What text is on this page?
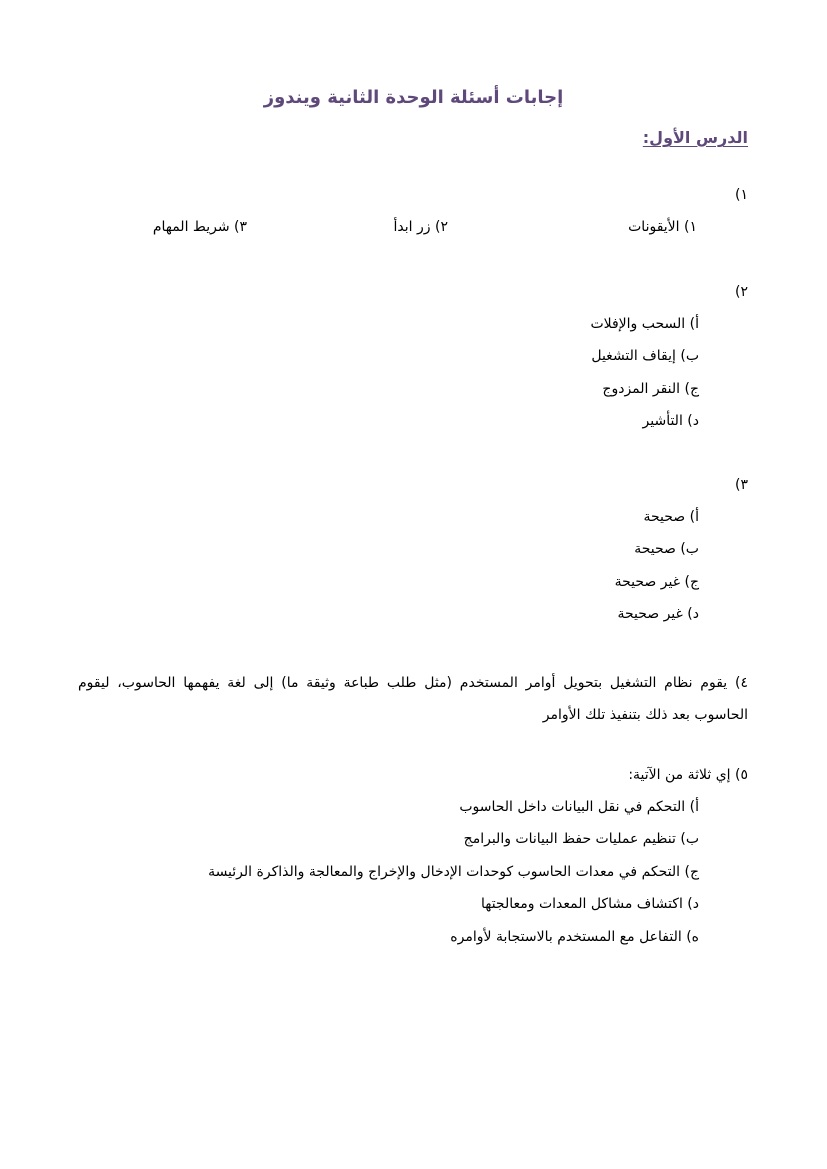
إجابات أسئلة الوحدة الثانية ويندوز
الدرس الأول:
١)
١) الأيقونات
٢) زر ابدأ
٣) شريط المهام
٢)
أ) السحب والإفلات
ب) إيقاف التشغيل
ج) النقر المزدوج
د) التأشير
٣)
أ) صحيحة
ب) صحيحة
ج) غير صحيحة
د) غير صحيحة
٤) يقوم نظام التشغيل بتحويل أوامر المستخدم (مثل طلب طباعة وثيقة ما) إلى لغة يفهمها الحاسوب، ليقوم الحاسوب بعد ذلك بتنفيذ تلك الأوامر
٥) إي ثلاثة من الآتية:
أ) التحكم في نقل البيانات داخل الحاسوب
ب) تنظيم عمليات حفظ البيانات والبرامج
ج) التحكم في معدات الحاسوب كوحدات الإدخال والإخراج والمعالجة والذاكرة الرئيسة
د) اكتشاف مشاكل المعدات ومعالجتها
ه) التفاعل مع المستخدم بالاستجابة لأوامره
